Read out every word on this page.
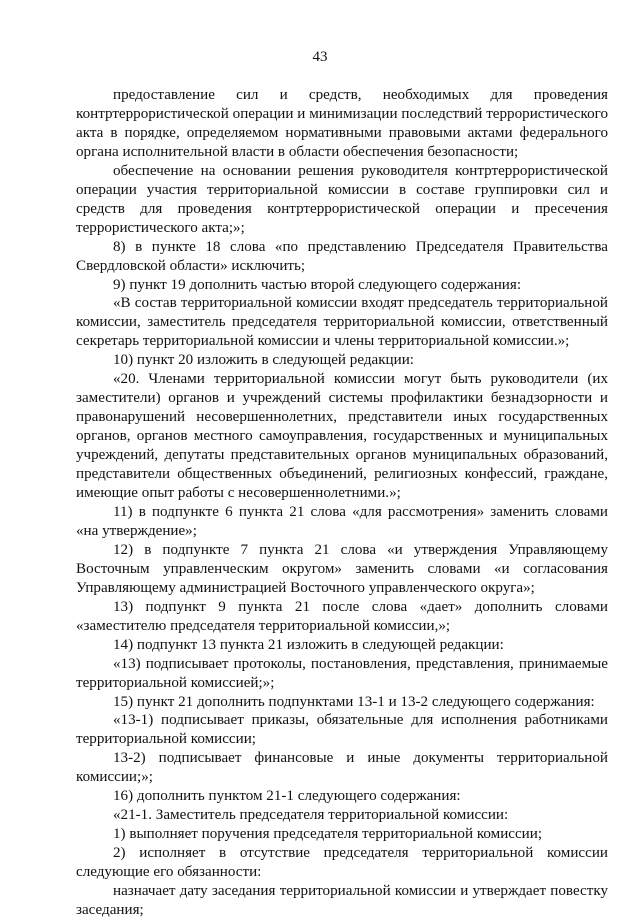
43

предоставление сил и средств, необходимых для проведения контртеррористической операции и минимизации последствий террористического акта в порядке, определяемом нормативными правовыми актами федерального органа исполнительной власти в области обеспечения безопасности;

обеспечение на основании решения руководителя контртеррористической операции участия территориальной комиссии в составе группировки сил и средств для проведения контртеррористической операции и пресечения террористического акта;»;

8) в пункте 18 слова «по представлению Председателя Правительства Свердловской области» исключить;

9) пункт 19 дополнить частью второй следующего содержания:

«В состав территориальной комиссии входят председатель территориальной комиссии, заместитель председателя территориальной комиссии, ответственный секретарь территориальной комиссии и члены территориальной комиссии.»;

10) пункт 20 изложить в следующей редакции:

«20. Членами территориальной комиссии могут быть руководители (их заместители) органов и учреждений системы профилактики безнадзорности и правонарушений несовершеннолетних, представители иных государственных органов, органов местного самоуправления, государственных и муниципальных учреждений, депутаты представительных органов муниципальных образований, представители общественных объединений, религиозных конфессий, граждане, имеющие опыт работы с несовершеннолетними.»;

11) в подпункте 6 пункта 21 слова «для рассмотрения» заменить словами «на утверждение»;

12) в подпункте 7 пункта 21 слова «и утверждения Управляющему Восточным управленческим округом» заменить словами «и согласования Управляющему администрацией Восточного управленческого округа»;

13) подпункт 9 пункта 21 после слова «дает» дополнить словами «заместителю председателя территориальной комиссии,»;

14) подпункт 13 пункта 21 изложить в следующей редакции:

«13) подписывает протоколы, постановления, представления, принимаемые территориальной комиссией;»;

15) пункт 21 дополнить подпунктами 13-1 и 13-2 следующего содержания:

«13-1) подписывает приказы, обязательные для исполнения работниками территориальной комиссии;

13-2) подписывает финансовые и иные документы территориальной комиссии;»;

16) дополнить пунктом 21-1 следующего содержания:

«21-1. Заместитель председателя территориальной комиссии:

1) выполняет поручения председателя территориальной комиссии;

2) исполняет в отсутствие председателя территориальной комиссии следующие его обязанности:

назначает дату заседания территориальной комиссии и утверждает повестку заседания;
